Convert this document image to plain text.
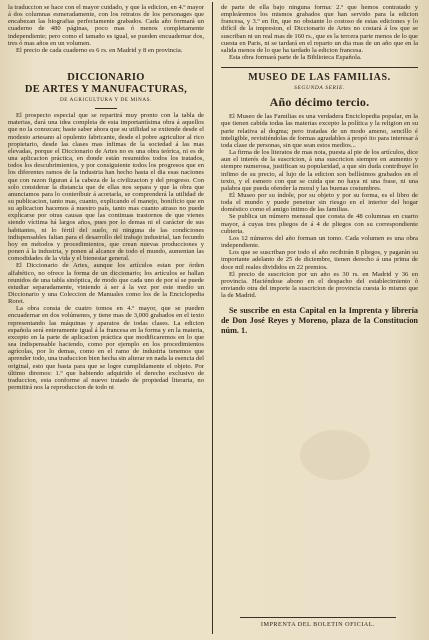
la traduccion se hace con el mayor cuidado, y que la edicion, en 4.º mayor á dos columnas esmeradamente, con los retratos de los personages que encabezan las biografias perfectamente grabados. Cada año formará un cuaderno de 480 páginas, poco mas ó menos completamente independiente; pero como el tamaño es igual, se pueden encuadernar dos, tres ó mas años en un volumen.

El precio de cada cuaderno es 6 rs. en Madrid y 8 en provincia.

DICCIONARIO
DE ARTES Y MANUFACTURAS,
DE AGRICULTURA Y DE MINAS.

El prospecto especial que se repartirá muy pronto con la tabla de materias, dará una idea completa de esta importantísima obra á aquellos que no la conozcan; baste saber ahora que su utilidad se extiende desde el modesto artesano al opulento fabricante, desde el pobre agricultor al rico propietario, desde las clases mas ínfimas de la sociedad á las mas elevadas, porque el Diccionario de Artes no es una obra teórica, ni es de una aplicacion práctica, en donde están resumidos todos los tratados, todos los descubrimientos, y por consiguiente todos los progresos que en los diferentes ramos de la industria han hecho hasta el dia esas naciones que con razon figuran á la cabeza de la civilizacion y del progreso. Con solo considerar la distancia que de ellas nos separa y que la obra que anunciamos para lo conteríbuir á acortarla, se comprenderá la utilidad de su publicacion, tanto mas, cuanto, explicando el manejo, bonificio que en su aplicacion hacemos á nuestro país, tanto mas cuanto atraso no puede explicarse por otras causas que las continuas trastornos de que vienes siendo víctima há largos años, pues por lo demas ni el carácter de sus habitantes, ni lo fértil del suelo, ni ninguna de las condiciones indispensables faltan para el desarrollo del trabajo industrial, tan fecundo hoy en métodos y procedimientos, que crean nuevas producciones y ponen á la industria, y ponen al alcance de todo el mundo, aumentan las comodidades de la vida y el bienestar general.

El Diccionario de Artes, aunque los artículos estan por órden alfabético, no ofrece la forma de un diccionario; los artículos se hallan reunidos de una tabla sinóptica, de modo que cada uno de por sí se puede estudiar separadamente, viniendo á ser á la vez por este medio un Diccionario y una Coleccion de Manuales como los de la Enciclopedia Roret.

La obra consta de cuatro tomos en 4.º mayor, que se pueden encuadernar en dos volúmenes, y tiene mas de 3,000 grabados en el texto representando las máquinas y aparatos de todas clases. La edicion española será enteramente igual á la francesa en la forma y en la materia, excepto en la parte de aplicacion práctica que modificaremos en lo que sea indispensable haciendo, como por ejemplo en los procedimientos agrícolas, por lo demas, como en el ramo de industria tenemos que aprender todo, una traduccion bien hecha sin alterar en nada la esencia del original, esto que basta para que se logre cumplidamente el objeto. Por último diremos: 1.º que habiendo adquirido el derecho exclusivo de traduccion, esta conforme al nuevo tratado de propiedad literaria, no permitirá nos la reproduccion de todo ni

de parte de ella bajo ninguna forma: 2.º que hemos contratado y empleáremos los mismos grabados que han servido para la edicion francesa, y 3.º en fin, que no obstante lo costoso de estas ediciones y lo difícil de la impresion, el Diccionario de Artes no costará á los que se suscriban ni un real mas de 160 rs., que es la tercera parte menos de lo que cuesta en Paris, ni se tardará en el reparto un dia mas de un año que en la salida menos de lo que ha tardado la edicion francesa.

Esta obra formará parte de la Biblioteca Española.

MUSEO DE LAS FAMILIAS.
SEGUNDA SERIE.
Año décimo tercio.

El Museo de las Familias es una verdadera Enciclopedia popular, en la que tienen cabida todas las materias excepto la política y la religion en su parte relativa al dogma; pero tratadas de un modo ameno, sencillo é inteligible, revistiéndolas de formas agradables á propó ito para interesar á toda clase de personas, sin que sean estos medios...

La firma de los literatos de mas nota, puesta al pie de los artículos, dice aun el interés de la suscricion, á una suscricion siempre en aumento y siempre numerosa, justifican su popularidad, a que sin duda contribuye lo infimo de su precio, al lujo de la edicion son bellísimos grabados en el texto, y el esmero con que se cuida que no haya ni una frase, ni una palabra que pueda ofender la moral y las buenas costumbres.

El Museo por su índole, por su objeto y por su forma, es el libro de toda el mundo y puede penetrar sin riesgo en el interior del hogar doméstico como el amigo íntimo de las familias.

Se publica un número mensual que consta de 48 columnas en cuarto mayor, á cuyas tres pliegos de á 4 de pliegos con su correspondiente cubierta.

Los 12 números del año forman un tomo. Cada volumen es una obra independiente.

Los que se suscriban por todo el año recibirán 8 pliegos, y pagarán su importante adelanto de 25 de diciembre, tienen derecho á una prima de doce mil reales divididos en 22 premios.

El precio de suscricion por un año es 30 rs. en Madrid y 36 en provincia. Haciéndose abono en el despacho del establecimiento ó enviando otra del importe la suscricion de provincia cuesta lo mismo que la de Madrid.

Se suscribe en esta Capital en la Imprenta y librería de Don José Reyes y Moreno, plaza de la Constitucion núm. 1.
IMPRENTA DEL BOLETIN OFICIAL.
